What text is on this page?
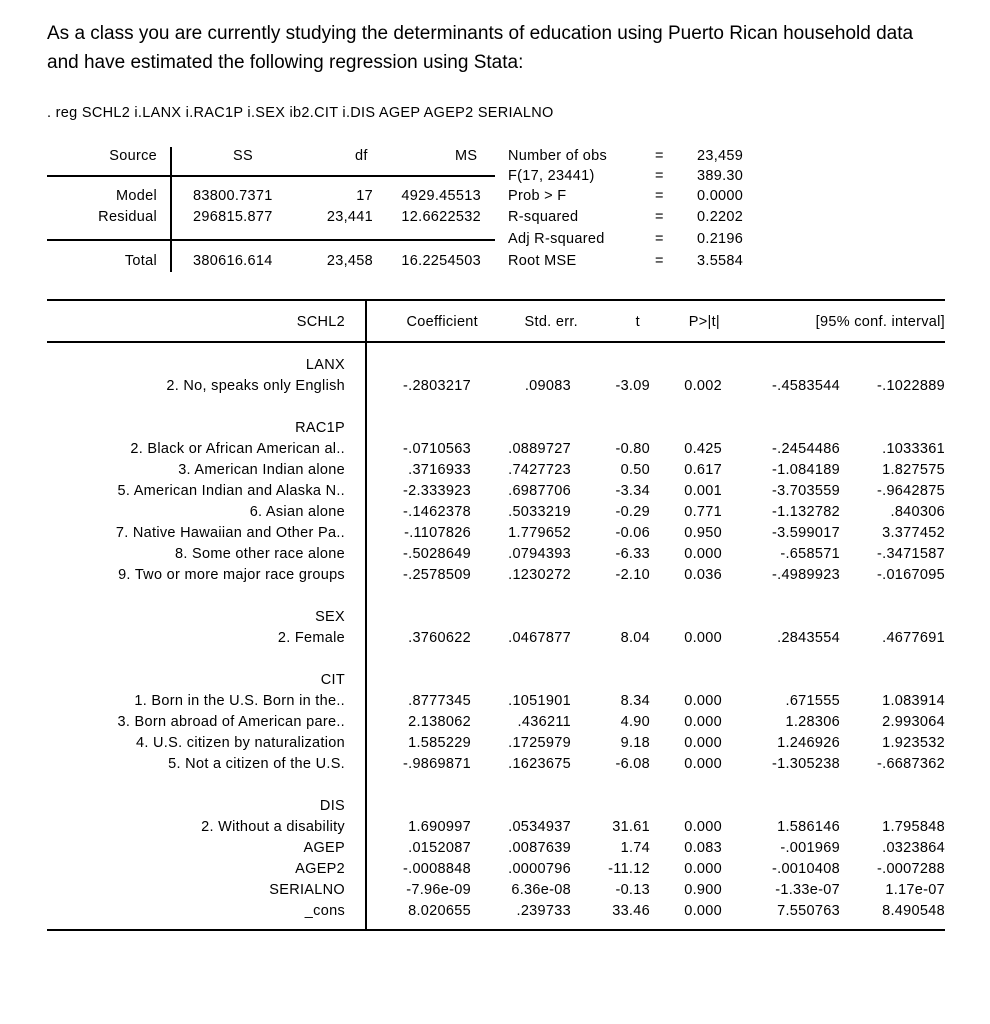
As a class you are currently studying the determinants of education using Puerto Rican household data
and have estimated the following regression using Stata:
. reg SCHL2 i.LANX i.RAC1P i.SEX ib2.CIT i.DIS AGEP AGEP2 SERIALNO
Source	SS	df	MS
Model 83800.7371	17	4929.45513
Residual 296815.877	23,441	12.6622532
Total 380616.614	23,458	16.2254503
Number of obs	= 23,459
F(17, 23441)	= 389.30
Prob > F	= 0.0000
R-squared	= 0.2202
Adj R-squared	= 0.2196
Root MSE	= 3.5584
SCHL2	Coefficient	Std. err.	t	P>|t|	[95% conf. interval]
LANX
2. No, speaks only English	-.2803217	.09083	-3.09 0.002	-.4583544	-.1022889
RAC1P
2. Black or African American al..	-.0710563	.0889727	-0.80 0.425	-.2454486	.1033361
3. American Indian alone	.3716933	.7427723	0.50 0.617	-1.084189	1.827575
5. American Indian and Alaska N..	-2.333923	.6987706	-3.34 0.001	-3.703559	-.9642875
6. Asian alone	-.1462378	.5033219	-0.29 0.771	-1.132782	.840306
7. Native Hawaiian and Other Pa..	-.1107826	1.779652	-0.06 0.950	-3.599017	3.377452
8. Some other race alone	-.5028649	.0794393	-6.33 0.000	-.658571	-.3471587
9. Two or more major race groups	-.2578509	.1230272	-2.10 0.036	-.4989923	-.0167095
SEX
2. Female	.3760622	.0467877	8.04 0.000	.2843554	.4677691
CIT
1. Born in the U.S. Born in the..	.8777345	.1051901	8.34 0.000	.671555	1.083914
3. Born abroad of American pare..	2.138062	.436211	4.90 0.000	1.28306	2.993064
4. U.S. citizen by naturalization	1.585229	.1725979	9.18 0.000	1.246926	1.923532
5. Not a citizen of the U.S.	-.9869871	.1623675	-6.08 0.000	-1.305238	-.6687362
DIS
2. Without a disability	1.690997	.0534937	31.61 0.000	1.586146	1.795848
AGEP	.0152087	.0087639	1.74 0.083	-.001969	.0323864
AGEP2	-.0008848	.0000796	-11.12 0.000	-.0010408	-.0007288
SERIALNO	-7.96e-09	6.36e-08	-0.13 0.900	-1.33e-07	1.17e-07
_cons	8.020655	.239733	33.46 0.000	7.550763	8.490548
